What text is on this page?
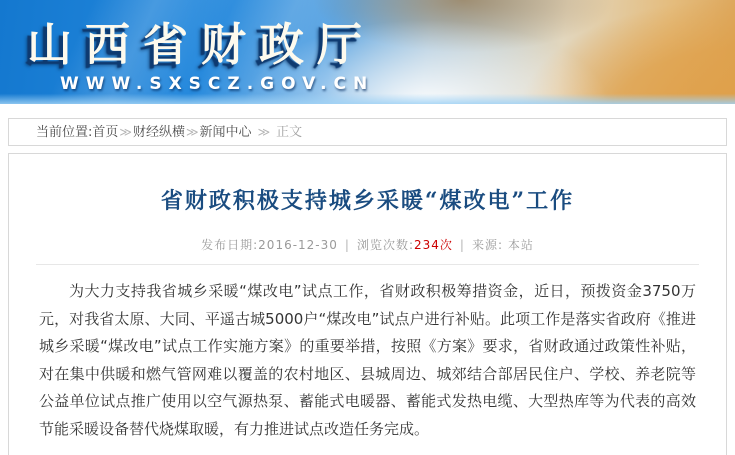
山西省财政厅
WWW.SXSCZ.GOV.CN
当前位置:首页≫财经纵横≫新闻中心 ≫ 正文
省财政积极支持城乡采暖“煤改电”工作
发布日期:2016-12-30 | 浏览次数:234次 | 来源: 本站

为大力支持我省城乡采暖“煤改电”试点工作，省财政积极筹措资金，近日，预拨资金3750万元，对我省太原、大同、平遥古城5000户“煤改电”试点户进行补贴。此项工作是落实省政府《推进城乡采暖“煤改电”试点工作实施方案》的重要举措，按照《方案》要求，省财政通过政策性补贴，对在集中供暖和燃气管网难以覆盖的农村地区、县城周边、城郊结合部居民住户、学校、养老院等公益单位试点推广使用以空气源热泵、蓄能式电暖器、蓄能式发热电缆、大型热库等为代表的高效节能采暖设备替代烧煤取暖，有力推进试点改造任务完成。
